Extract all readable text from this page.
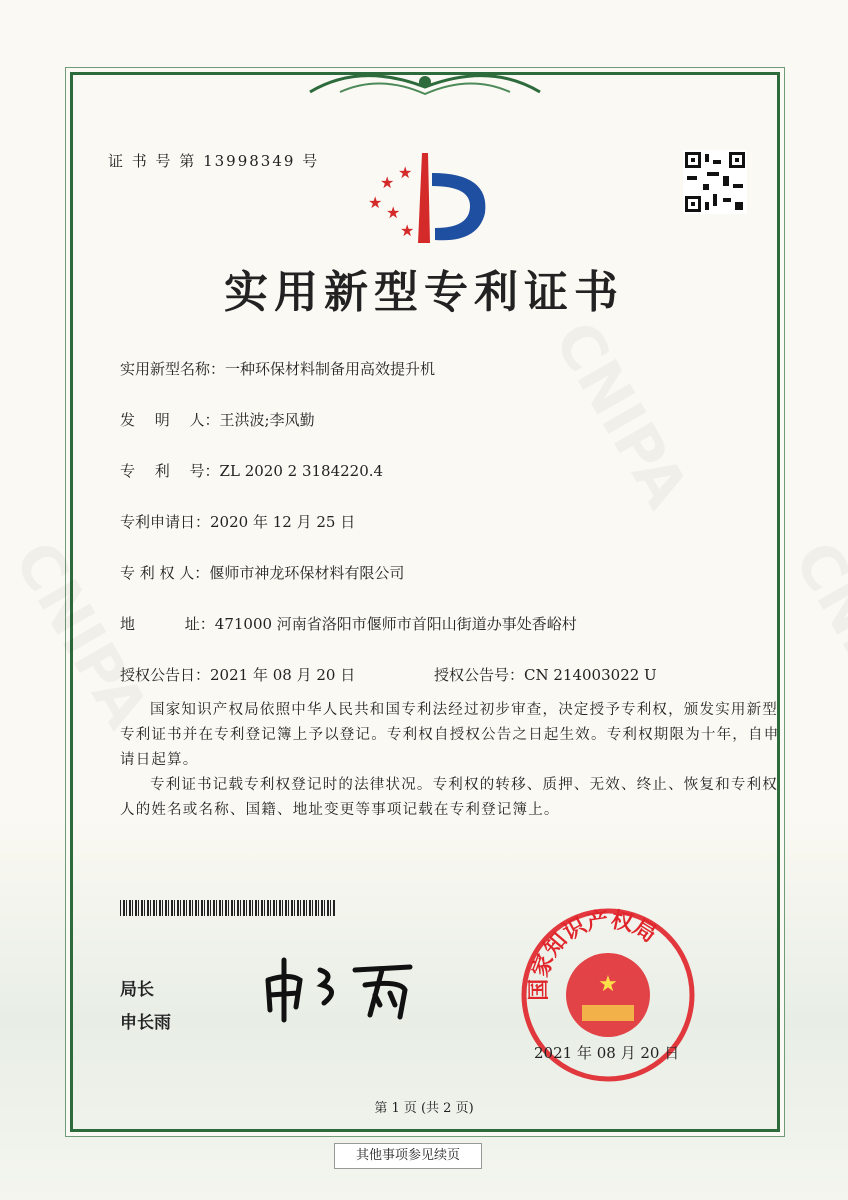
证 书 号 第 13998349 号
★
★
★
★
★
实用新型专利证书
实用新型名称：一种环保材料制备用高效提升机
发　 明　 人：王洪波;李风勤
专　 利　 号：ZL 2020 2 3184220.4
专利申请日：2020 年 12 月 25 日
专 利 权 人：偃师市神龙环保材料有限公司
地　　　 址：471000 河南省洛阳市偃师市首阳山街道办事处香峪村
授权公告日：2021 年 08 月 20 日	授权公告号：CN 214003022 U
国家知识产权局依照中华人民共和国专利法经过初步审查，决定授予专利权，颁发实用新型专利证书并在专利登记簿上予以登记。专利权自授权公告之日起生效。专利权期限为十年，自申请日起算。
专利证书记载专利权登记时的法律状况。专利权的转移、质押、无效、终止、恢复和专利权人的姓名或名称、国籍、地址变更等事项记载在专利登记簿上。
局长
申长雨
国家知识产权局
★
2021 年 08 月 20 日
第 1 页 (共 2 页)
其他事项参见续页
